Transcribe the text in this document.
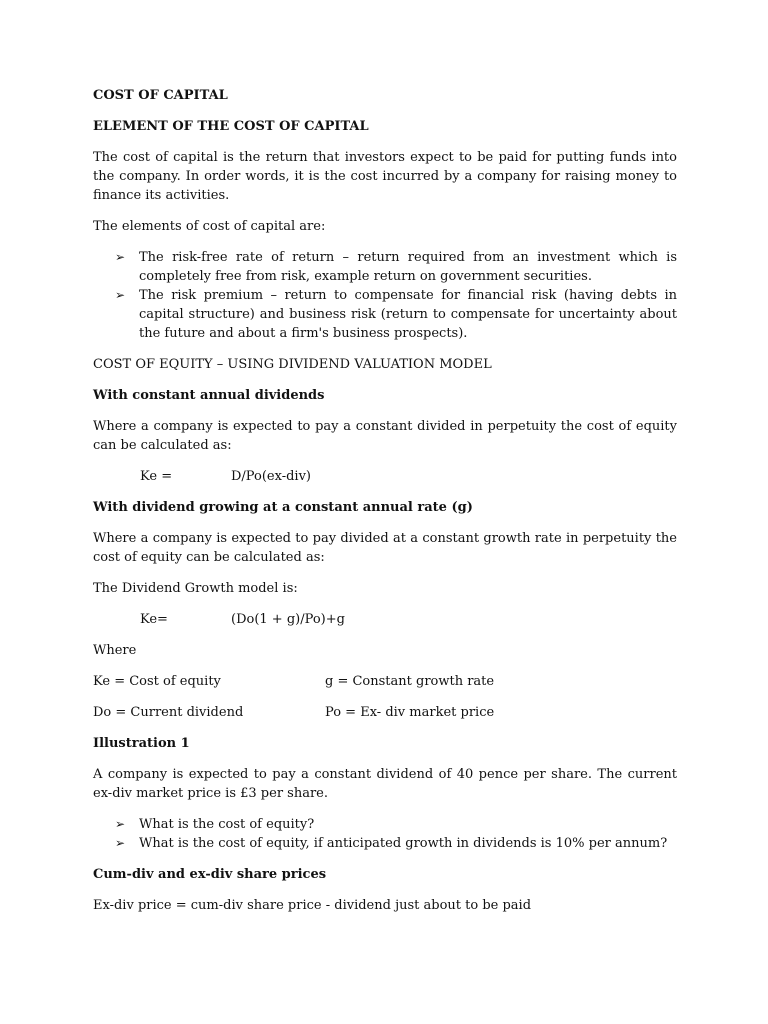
COST OF CAPITAL
ELEMENT OF THE COST OF CAPITAL
The cost of capital is the return that investors expect to be paid for putting funds into the company. In order words, it is the cost incurred by a company for raising money to finance its activities.
The elements of cost of capital are:
➢ The risk-free rate of return – return required from an investment which is completely free from risk, example return on government securities.
➢ The risk premium – return to compensate for financial risk (having debts in capital structure) and business risk (return to compensate for uncertainty about the future and about a firm's business prospects).
COST OF EQUITY – USING DIVIDEND VALUATION MODEL
With constant annual dividends
Where a company is expected to pay a constant divided in perpetuity the cost of equity can be calculated as:
Ke =	D/Po(ex-div)
With dividend growing at a constant annual rate (g)
Where a company is expected to pay divided at a constant growth rate in perpetuity the cost of equity can be calculated as:
The Dividend Growth model is:
Ke=	(Do(1 + g)/Po)+g
Where
Ke = Cost of equity	g = Constant growth rate
Do = Current dividend	Po = Ex- div market price
Illustration 1
A company is expected to pay a constant dividend of 40 pence per share. The current ex-div market price is £3 per share.
➢ What is the cost of equity?
➢ What is the cost of equity, if anticipated growth in dividends is 10% per annum?
Cum-div and ex-div share prices
Ex-div price = cum-div share price - dividend just about to be paid
